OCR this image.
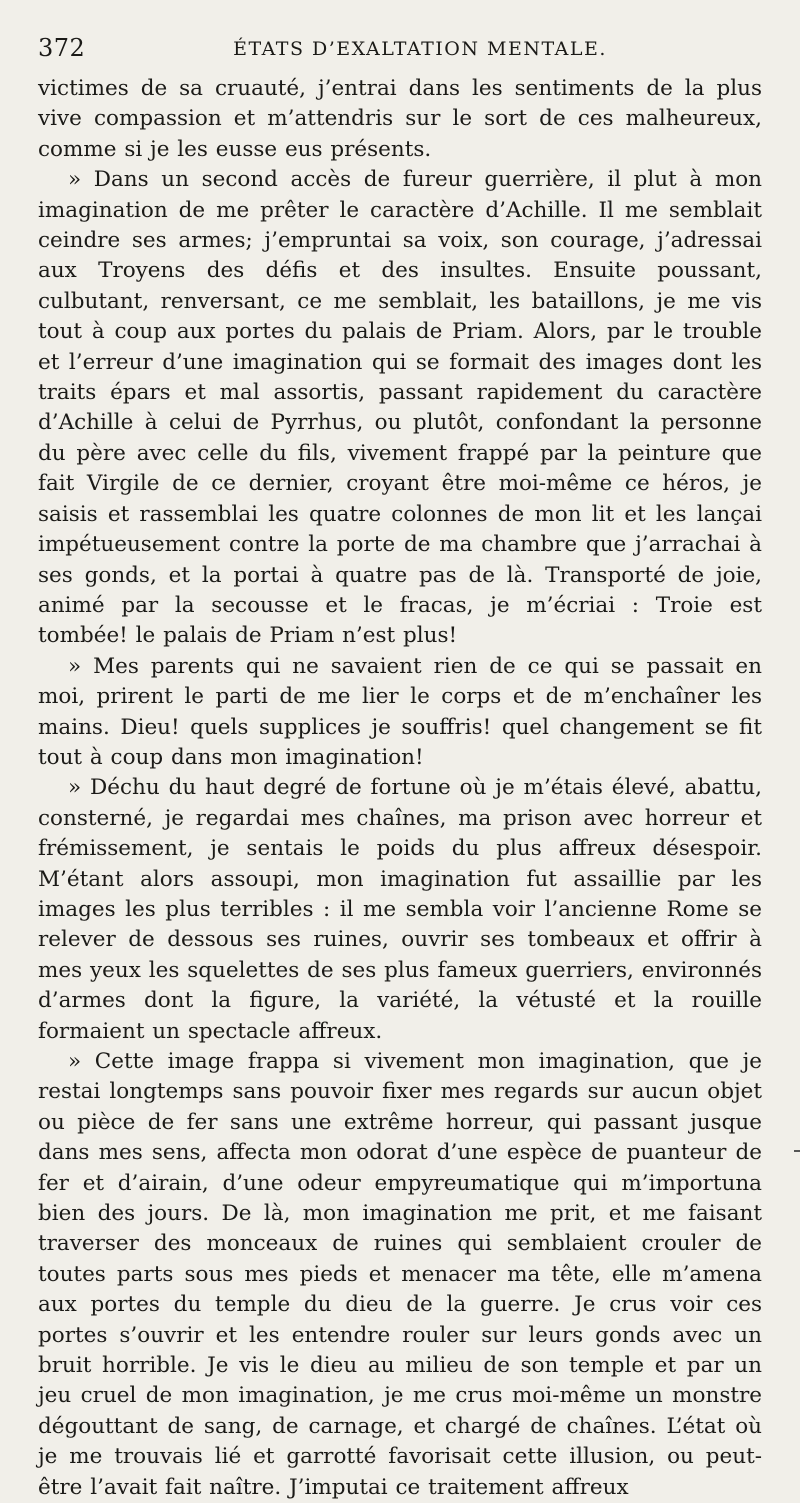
372	ÉTATS D’EXALTATION MENTALE.

victimes de sa cruauté, j’entrai dans les sentiments de la plus vive compassion et m’attendris sur le sort de ces malheureux, comme si je les eusse eus présents.

» Dans un second accès de fureur guerrière, il plut à mon imagination de me prêter le caractère d’Achille. Il me semblait ceindre ses armes; j’empruntai sa voix, son courage, j’adressai aux Troyens des défis et des insultes. Ensuite poussant, culbutant, renversant, ce me semblait, les bataillons, je me vis tout à coup aux portes du palais de Priam. Alors, par le trouble et l’erreur d’une imagination qui se formait des images dont les traits épars et mal assortis, passant rapidement du caractère d’Achille à celui de Pyrrhus, ou plutôt, confondant la personne du père avec celle du fils, vivement frappé par la peinture que fait Virgile de ce dernier, croyant être moi-même ce héros, je saisis et rassemblai les quatre colonnes de mon lit et les lançai impétueusement contre la porte de ma chambre que j’arrachai à ses gonds, et la portai à quatre pas de là. Transporté de joie, animé par la secousse et le fracas, je m’écriai : Troie est tombée! le palais de Priam n’est plus!

» Mes parents qui ne savaient rien de ce qui se passait en moi, prirent le parti de me lier le corps et de m’enchaîner les mains. Dieu! quels supplices je souffris! quel changement se fit tout à coup dans mon imagination!

» Déchu du haut degré de fortune où je m’étais élevé, abattu, consterné, je regardai mes chaînes, ma prison avec horreur et frémissement, je sentais le poids du plus affreux désespoir. M’étant alors assoupi, mon imagination fut assaillie par les images les plus terribles : il me sembla voir l’ancienne Rome se relever de dessous ses ruines, ouvrir ses tombeaux et offrir à mes yeux les squelettes de ses plus fameux guerriers, environnés d’armes dont la figure, la variété, la vétusté et la rouille formaient un spectacle affreux.

» Cette image frappa si vivement mon imagination, que je restai longtemps sans pouvoir fixer mes regards sur aucun objet ou pièce de fer sans une extrême horreur, qui passant jusque dans mes sens, affecta mon odorat d’une espèce de puanteur de fer et d’airain, d’une odeur empyreumatique qui m’importuna bien des jours. De là, mon imagination me prit, et me faisant traverser des monceaux de ruines qui semblaient crouler de toutes parts sous mes pieds et menacer ma tête, elle m’amena aux portes du temple du dieu de la guerre. Je crus voir ces portes s’ouvrir et les entendre rouler sur leurs gonds avec un bruit horrible. Je vis le dieu au milieu de son temple et par un jeu cruel de mon imagination, je me crus moi-même un monstre dégouttant de sang, de carnage, et chargé de chaînes. L’état où je me trouvais lié et garrotté favorisait cette illusion, ou peut-être l’avait fait naître. J’imputai ce traitement affreux
